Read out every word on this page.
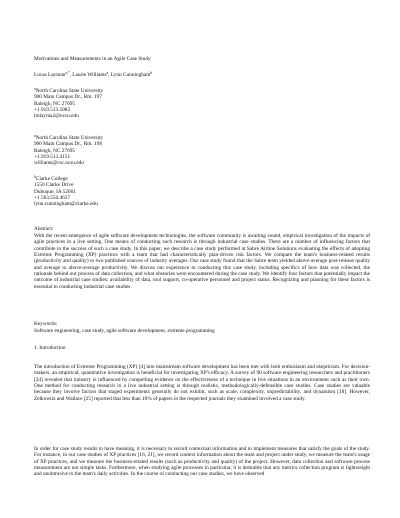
Motivations and Measurements in an Agile Case Study

Lucas Layman$^{a,*}$, Laurie Williams$^a$, Lynn Cunningham$^b$

$^a$North Carolina State University

900 Main Campus Dr., Rm. 197

Raleigh, NC 27695

+1.919.513.5082

lmlayma2@ncsu.edu

$^a$North Carolina State University

900 Main Campus Dr., Rm. 198

Raleigh, NC 27695

+1.919.513.4151

williams@csc.ncsu.edu

$^b$Clarke College

1550 Clarke Drive

Dubuque, IA 52001

+1.563.556.4637

lynn.cunningham@clarke.edu

Abstract:

With the recent emergence of agile software development technologies, the software community is awaiting sound, empirical investigation of the impacts of agile practices in a live setting. One means of conducting such research is through industrial case studies. There are a number of influencing factors that contribute to the success of such a case study. In this paper, we describe a case study performed at Sabre Airline Solutions evaluating the effects of adopting Extreme Programming (XP) practices with a team that had characteristically plan-driven risk factors. We compare the team's business-related results (productivity and quality) to two published sources of industry averages. Our case study found that the Sabre team yielded above-average post-release quality and average to above-average productivity. We discuss our experience in conducting this case study, including specifics of how data was collected, the rationale behind our process of data collection, and what obstacles were encountered during the case study. We identify four factors that potentially impact the outcome of industrial case studies: availability of data, tool support, co-operative personnel and project status. Recognizing and planning for these factors is essential to conducting industrial case studies.

Keywords:

Software engineering, case study, agile software development, extreme programming

1. Introduction

The introduction of Extreme Programming (XP) [4] into mainstream software development has been met with both enthusiasm and skepticism. For decision-makers, an empirical, quantitative investigation is beneficial for investigating XP's efficacy. A survey of 90 software engineering researchers and practitioners [24] revealed that industry is influenced by compelling evidence on the effectiveness of a technique in live situations in an environment such as their own. One method for conducting research in a live industrial setting is through realistic, methodologically-defensible case studies. Case studies are valuable because they involve factors that staged experiments generally do not exhibit, such as scale, complexity, unpredictability, and dynamism [18]. However, Zelkowitz and Wallace [25] reported that less than 10% of papers in the respected journals they examined involved a case study.

In order for case study results to have meaning, it is necessary to record contextual information and to implement measures that satisfy the goals of the study. For instance, in our case studies of XP practices [16, 21], we record context information about the team and project under study, we measure the team's usage of XP practices, and we measure the business-related results (such as productivity and quality) of the project. However, data collection and software process measurement are not simple tasks. Furthermore, when studying agile processes in particular, it is desirable that any metrics collection program is lightweight and unobtrusive to the team's daily activities. In the course of conducting our case studies, we have observed
